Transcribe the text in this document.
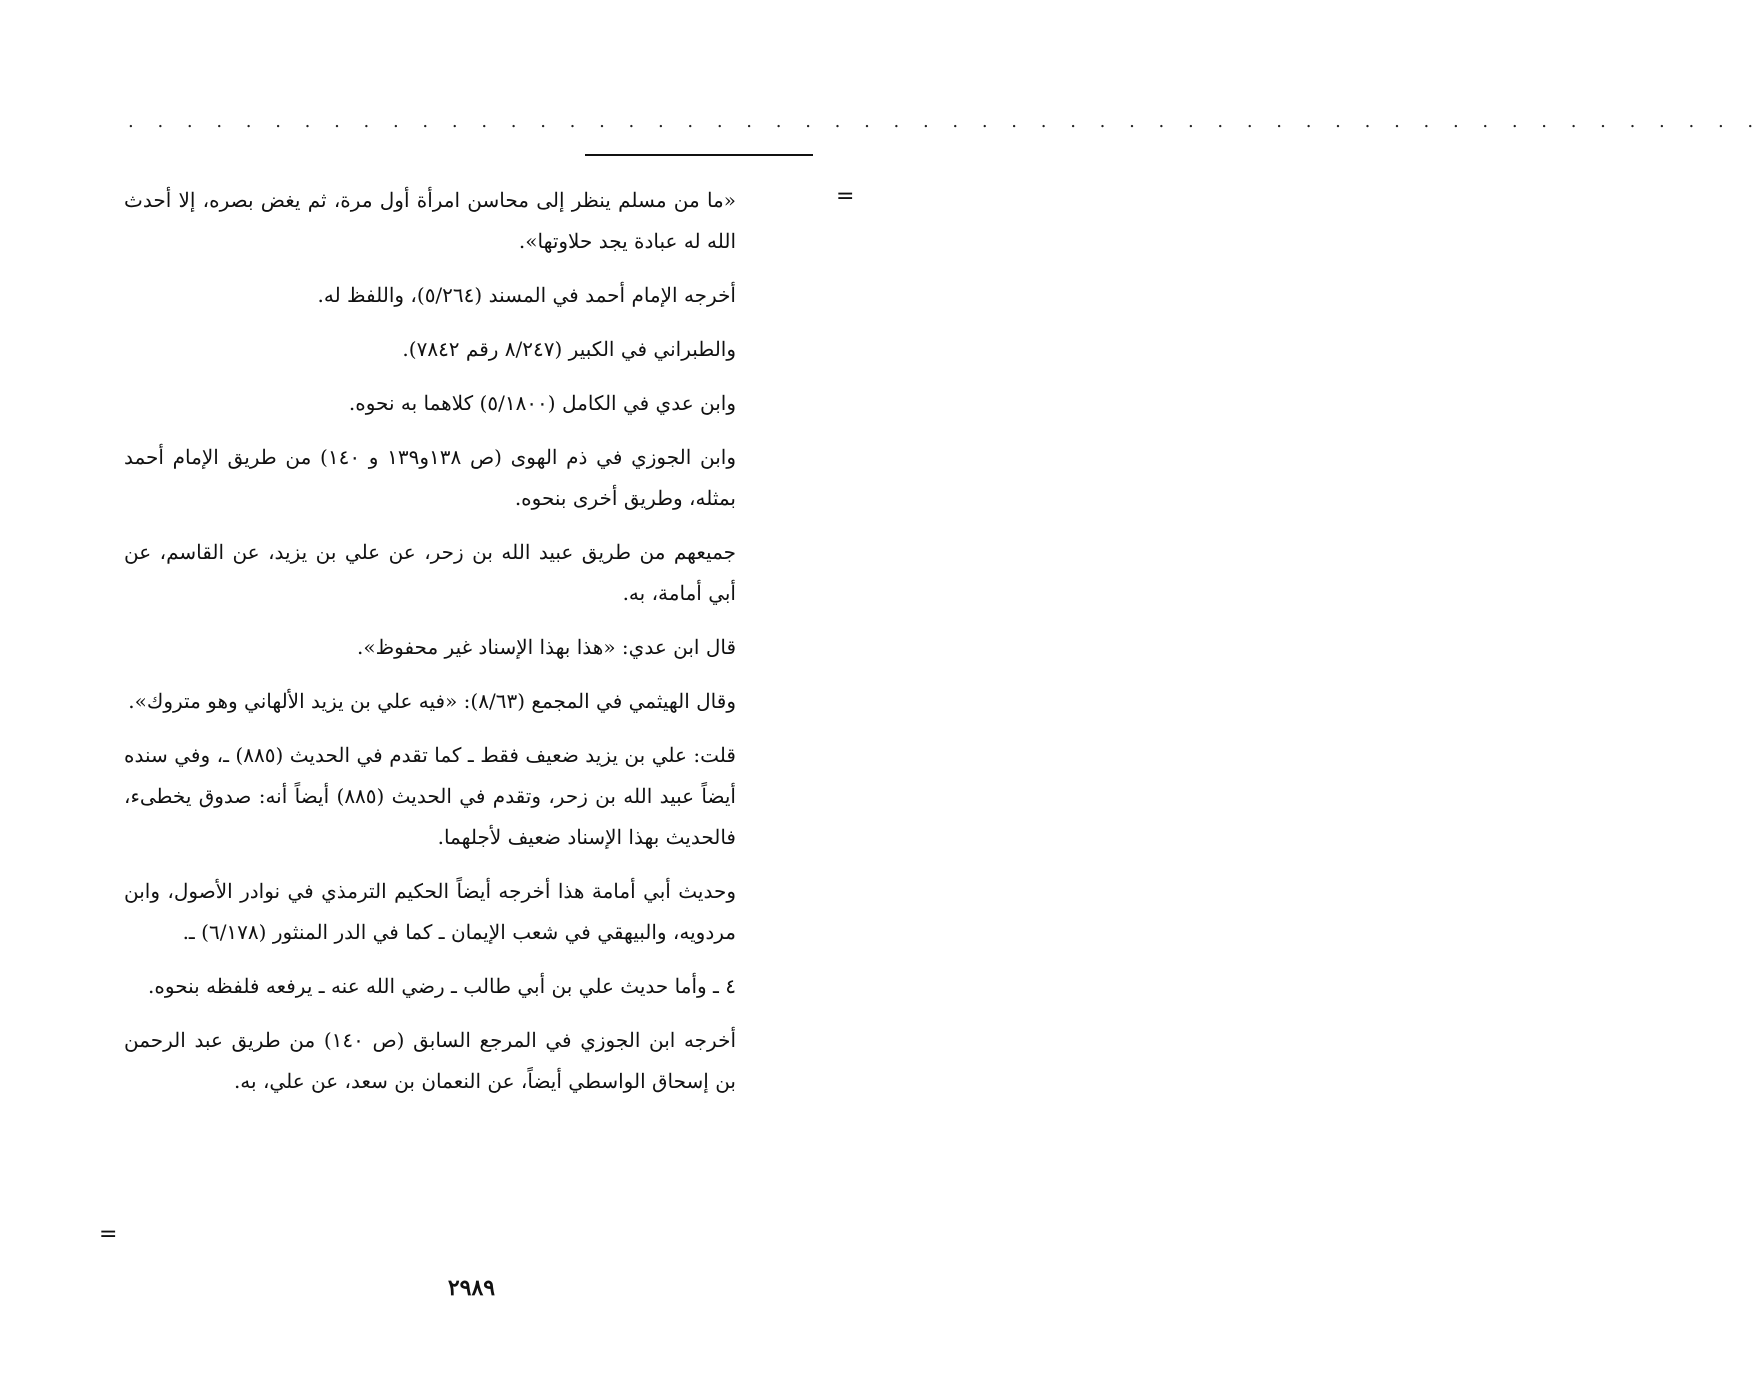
. . . . . . . . . . . . . . . . . . . . . . . . . . . . . . . . . . . . . . . . . . . . . . . . . . . . . . . .
=

«ما من مسلم ينظر إلى محاسن امرأة أول مرة، ثم يغض بصره، إلا أحدث الله له عبادة يجد حلاوتها».

أخرجه الإمام أحمد في المسند (٥/٢٦٤)، واللفظ له.

والطبراني في الكبير (٨/٢٤٧ رقم ٧٨٤٢).

وابن عدي في الكامل (٥/١٨٠٠) كلاهما به نحوه.

وابن الجوزي في ذم الهوى (ص ١٣٨و١٣٩ و ١٤٠) من طريق الإمام أحمد بمثله، وطريق أخرى بنحوه.

جميعهم من طريق عبيد الله بن زحر، عن علي بن يزيد، عن القاسم، عن أبي أمامة، به.

قال ابن عدي: «هذا بهذا الإسناد غير محفوظ».

وقال الهيثمي في المجمع (٨/٦٣): «فيه علي بن يزيد الألهاني وهو متروك».

قلت: علي بن يزيد ضعيف فقط ـ كما تقدم في الحديث (٨٨٥) ـ، وفي سنده أيضاً عبيد الله بن زحر، وتقدم في الحديث (٨٨٥) أيضاً أنه: صدوق يخطىء، فالحديث بهذا الإسناد ضعيف لأجلهما.

وحديث أبي أمامة هذا أخرجه أيضاً الحكيم الترمذي في نوادر الأصول، وابن مردويه، والبيهقي في شعب الإيمان ـ كما في الدر المنثور (٦/١٧٨) ـ.

٤ ـ وأما حديث علي بن أبي طالب ـ رضي الله عنه ـ يرفعه فلفظه بنحوه.

أخرجه ابن الجوزي في المرجع السابق (ص ١٤٠) من طريق عبد الرحمن بن إسحاق الواسطي أيضاً، عن النعمان بن سعد، عن علي، به.

=
٢٩٨٩
